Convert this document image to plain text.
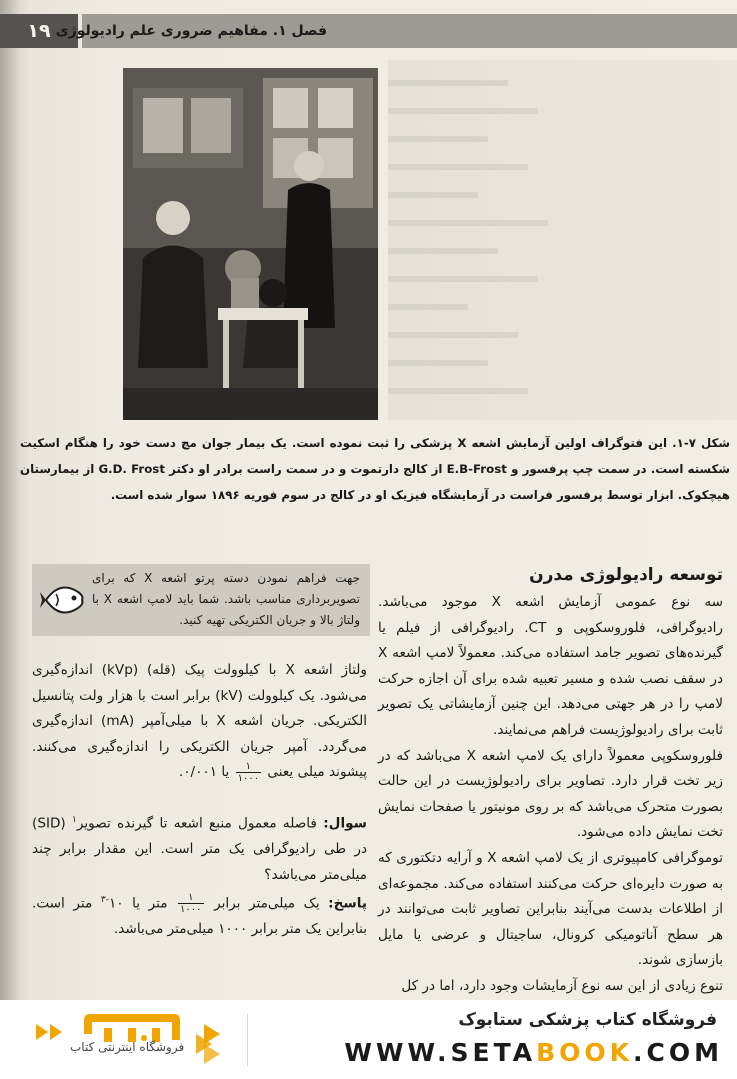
۱۹ فصل ۱. مفاهیم ضروری علم رادیولوژی
شکل ۷-۱. این فتوگراف اولین آزمایش اشعه X پزشکی را ثبت نموده است. یک بیمار جوان مچ دست خود را هنگام اسکیت شکسته است. در سمت چپ پرفسور و E.B-Frost از کالج دارتموت و در سمت راست برادر او دکتر G.D. Frost از بیمارستان هیچکوک. ابزار توسط پرفسور فراست در آزمایشگاه فیزیک او در کالج در سوم فوریه ۱۸۹۶ سوار شده است.
جهت فراهم نمودن دسته پرتو اشعه X که برای تصویربرداری مناسب باشد. شما باید لامپ اشعه X با ولتاژ بالا و جریان الکتریکی تهیه کنید.
توسعه رادیولوژی مدرن

سه نوع عمومی آزمایش اشعه X موجود می‌باشد. رادیوگرافی، فلوروسکوپی و CT. رادیوگرافی از فیلم یا گیرنده‌های تصویر جامد استفاده می‌کند. معمولاً لامپ اشعه X در سقف نصب شده و مسیر تعبیه شده برای آن اجازه حرکت لامپ را در هر جهتی می‌دهد. این چنین آزمایشاتی یک تصویر ثابت برای رادیولوژیست فراهم می‌نمایند.

فلوروسکوپی معمولاً دارای یک لامپ اشعه X می‌باشد که در زیر تخت قرار دارد. تصاویر برای رادیولوژیست در این حالت بصورت متحرک می‌باشد که بر روی مونیتور یا صفحات نمایش تخت نمایش داده می‌شود.

توموگرافی کامپیوتری از یک لامپ اشعه X و آرایه دتکتوری که به صورت دایره‌ای حرکت می‌کنند استفاده می‌کند. مجموعه‌ای از اطلاعات بدست می‌آیند بنابراین تصاویر ثابت می‌توانند در هر سطح آناتومیکی کرونال، ساجیتال و عرضی یا مایل بازسازی شوند.

تنوع زیادی از این سه نوع آزمایشات وجود دارد، اما در کل

ولتاژ اشعه X با کیلوولت پیک (قله) (kVp) اندازه‌گیری می‌شود. یک کیلوولت (kV) برابر است با هزار ولت پتانسیل الکتریکی. جریان اشعه X با میلی‌آمپر (mA) اندازه‌گیری می‌گردد. آمپر جریان الکتریکی را اندازه‌گیری می‌کنند. پیشوند میلی یعنی
$\frac{۱}{۱۰۰۰}$
یا ۰/۰۰۱.

سوال: فاصله معمول منبع اشعه تا گیرنده تصویر$^۱$ (SID) در طی رادیوگرافی یک متر است. این مقدار برابر چند میلی‌متر می‌باشد؟

پاسخ: یک میلی‌متر برابر
$\frac{۱}{۱۰۰۰}$
متر یا $۱۰^{-۳}$ متر است. بنابراین یک متر برابر ۱۰۰۰ میلی‌متر می‌باشد.

فروشگاه اینترنتی کتاب
فروشگاه کتاب پزشکی ستابوک
WWW.SETABOOK.COM
